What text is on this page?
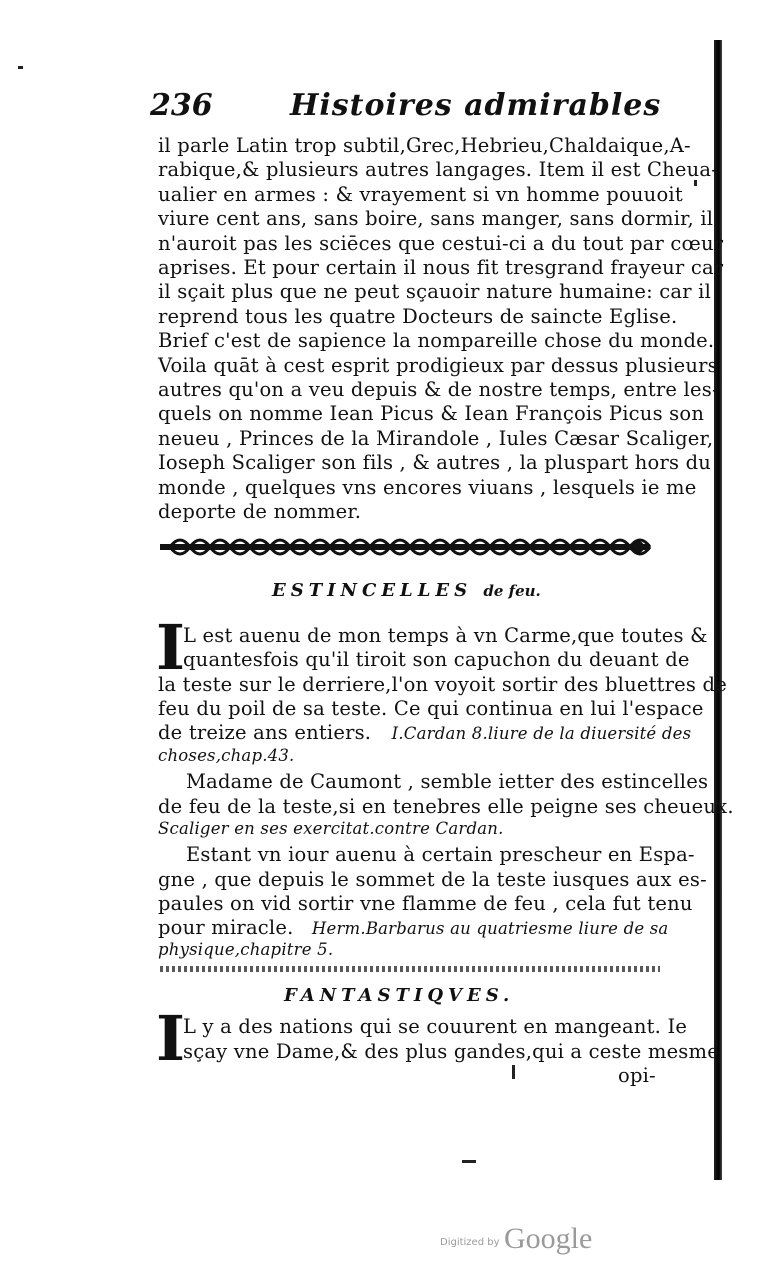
236	Histoires admirables
il parle Latin trop subtil,Grec,Hebrieu,Chaldaique,A-
rabique,& plusieurs autres langages. Item il est Cheua-
ualier en armes : & vrayement si vn homme pouuoit
viure cent ans, sans boire, sans manger, sans dormir, il
n'auroit pas les sciēces que cestui-ci a du tout par cœur
aprises. Et pour certain il nous fit tresgrand frayeur car
il sçait plus que ne peut sçauoir nature humaine: car il
reprend tous les quatre Docteurs de saincte Eglise.
Brief c'est de sapience la nompareille chose du monde.
Voila quāt à cest esprit prodigieux par dessus plusieurs
autres qu'on a veu depuis & de nostre temps, entre les-
quels on nomme Iean Picus & Iean François Picus son
neueu , Princes de la Mirandole , Iules Cæsar Scaliger,
Ioseph Scaliger son fils , & autres , la pluspart hors du
monde , quelques vns encores viuans , lesquels ie me
deporte de nommer.
ESTINCELLES de feu.
I
L est auenu de mon temps à vn Carme,que toutes &
quantesfois qu'il tiroit son capuchon du deuant de
la teste sur le derriere,l'on voyoit sortir des bluettres de
feu du poil de sa teste. Ce qui continua en lui l'espace
de treize ans entiers. I.Cardan 8.liure de la diuersité des
choses,chap.43.
Madame de Caumont , semble ietter des estincelles
de feu de la teste,si en tenebres elle peigne ses cheueux.
Scaliger en ses exercitat.contre Cardan.
Estant vn iour auenu à certain prescheur en Espa-
gne , que depuis le sommet de la teste iusques aux es-
paules on vid sortir vne flamme de feu , cela fut tenu
pour miracle. Herm.Barbarus au quatriesme liure de sa
physique,chapitre 5.
FANTASTIQVES.
I
L y a des nations qui se couurent en mangeant. Ie
sçay vne Dame,& des plus gandes,qui a ceste mesme
opi-
Digitized by Google
